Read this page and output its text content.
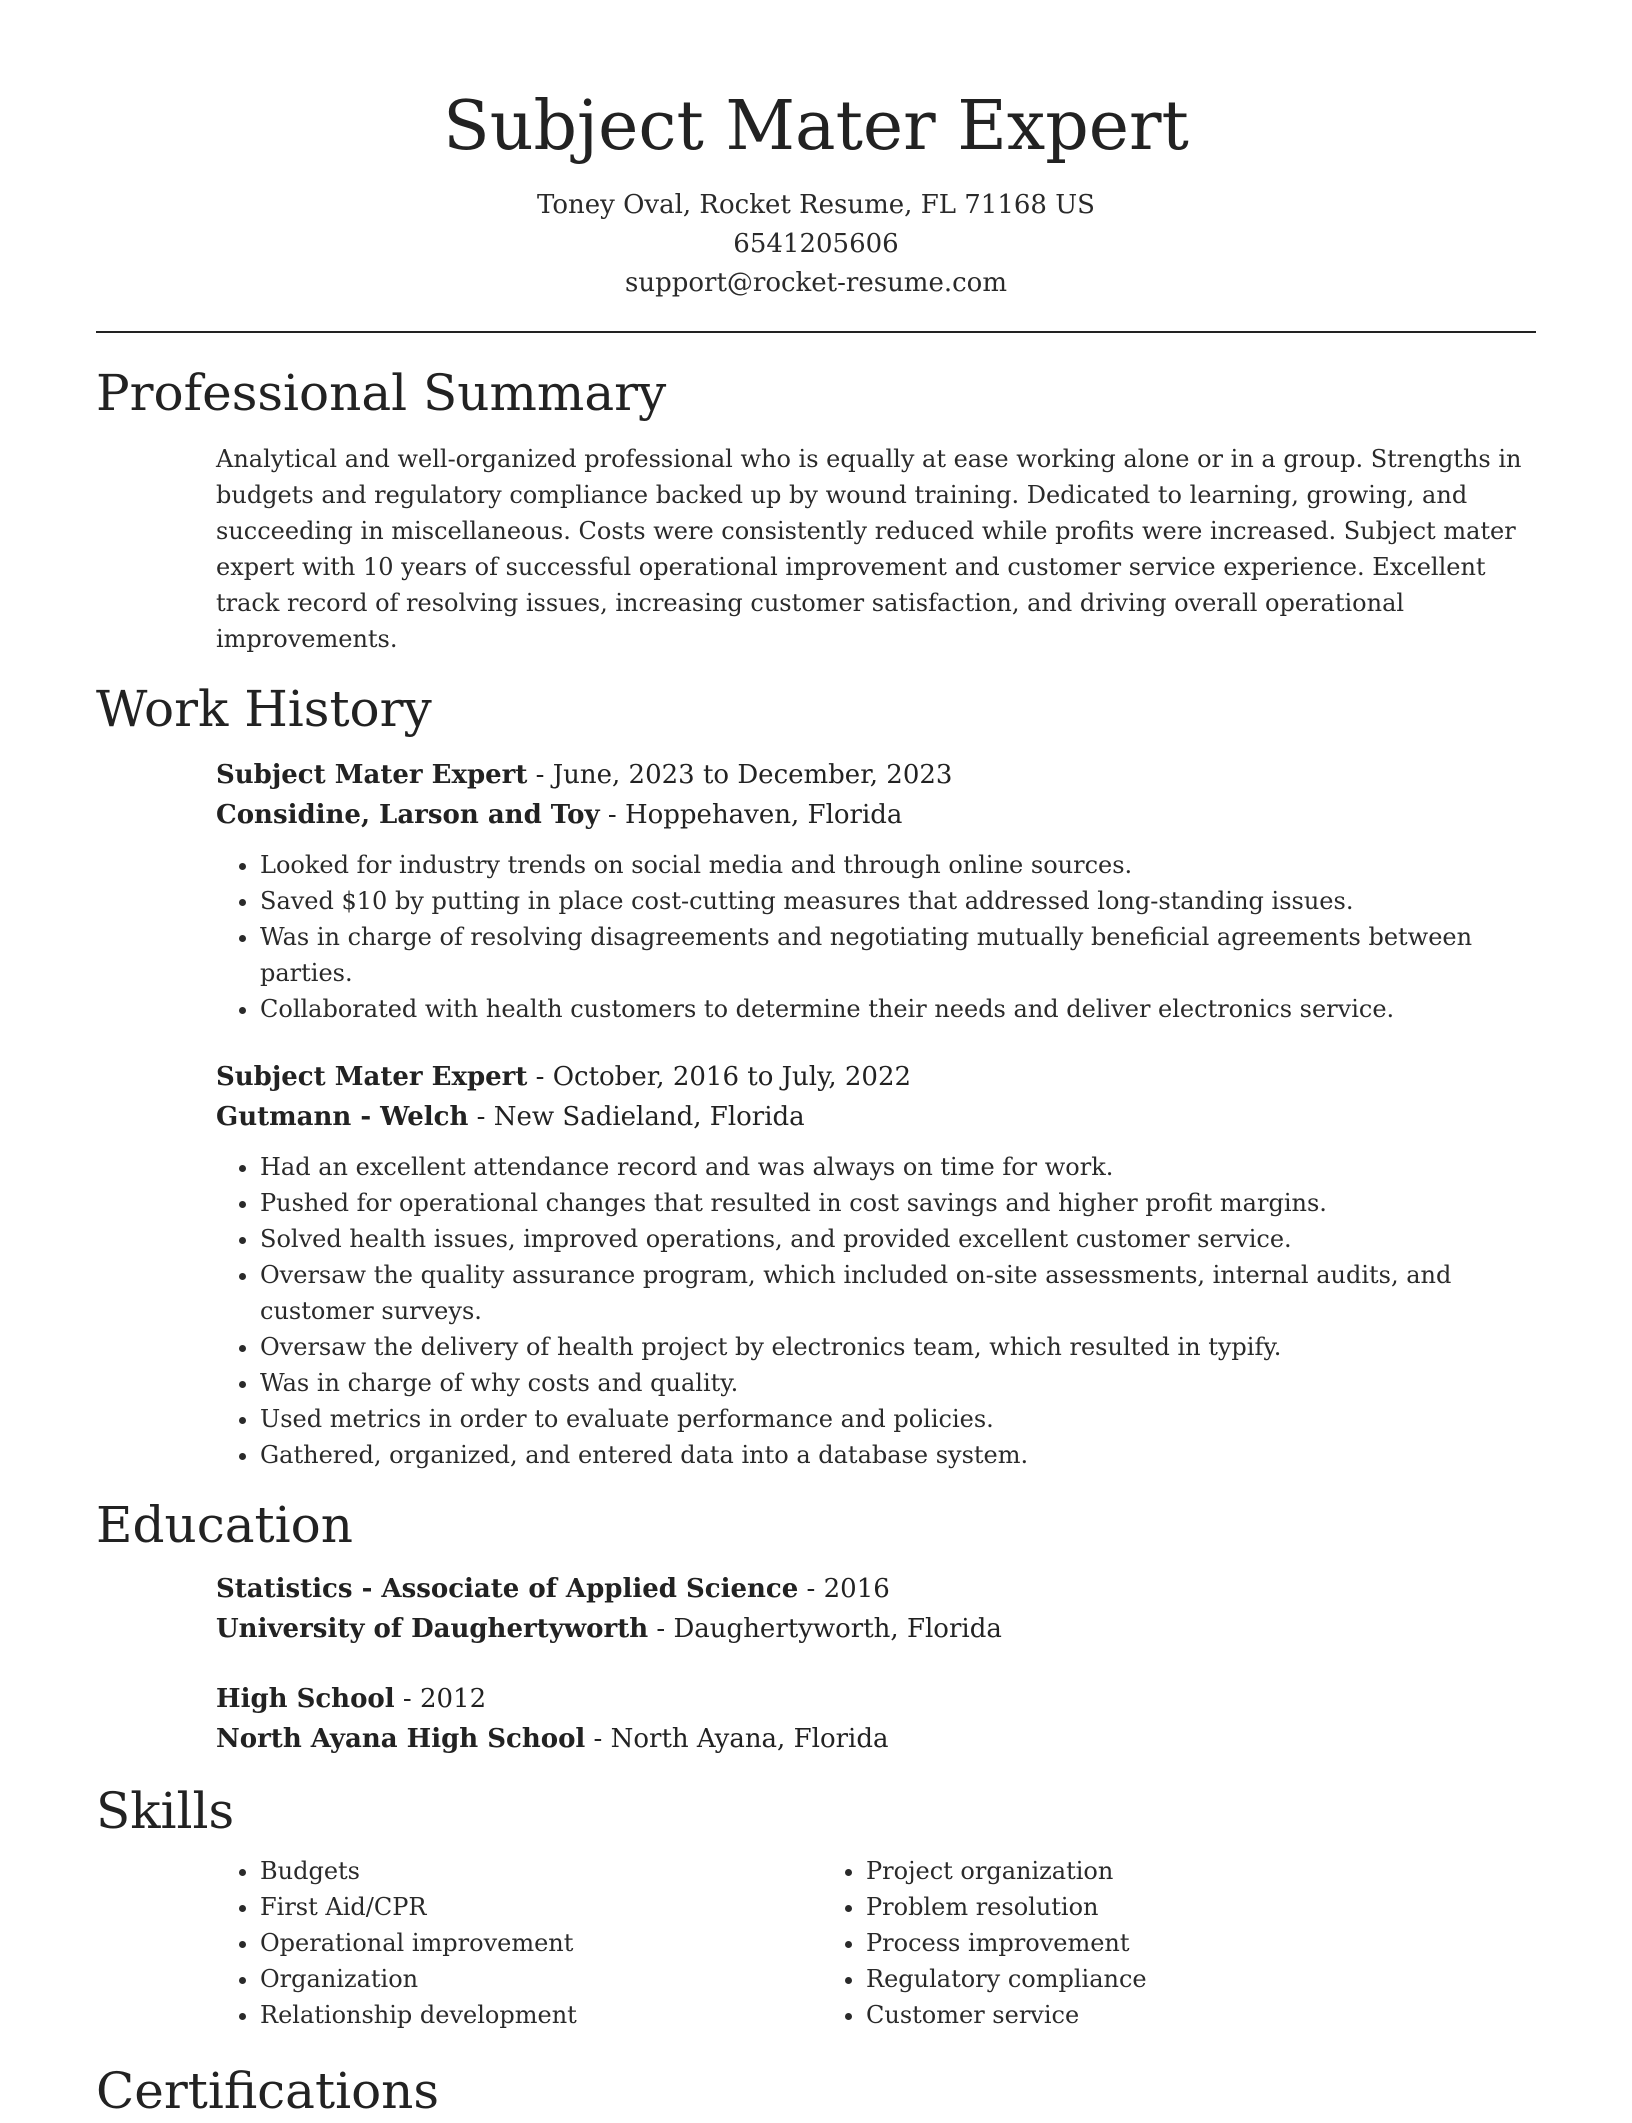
Subject Mater Expert
Toney Oval, Rocket Resume, FL 71168 US
6541205606
support@rocket-resume.com
Professional Summary

Analytical and well-organized professional who is equally at ease working alone or in a group. Strengths in budgets and regulatory compliance backed up by wound training. Dedicated to learning, growing, and succeeding in miscellaneous. Costs were consistently reduced while profits were increased. Subject mater expert with 10 years of successful operational improvement and customer service experience. Excellent track record of resolving issues, increasing customer satisfaction, and driving overall operational improvements.

Work History

Subject Mater Expert - June, 2023 to December, 2023

Considine, Larson and Toy - Hoppehaven, Florida

• Looked for industry trends on social media and through online sources.
• Saved $10 by putting in place cost-cutting measures that addressed long-standing issues.
• Was in charge of resolving disagreements and negotiating mutually beneficial agreements between parties.
• Collaborated with health customers to determine their needs and deliver electronics service.

Subject Mater Expert - October, 2016 to July, 2022

Gutmann - Welch - New Sadieland, Florida

• Had an excellent attendance record and was always on time for work.
• Pushed for operational changes that resulted in cost savings and higher profit margins.
• Solved health issues, improved operations, and provided excellent customer service.
• Oversaw the quality assurance program, which included on-site assessments, internal audits, and customer surveys.
• Oversaw the delivery of health project by electronics team, which resulted in typify.
• Was in charge of why costs and quality.
• Used metrics in order to evaluate performance and policies.
• Gathered, organized, and entered data into a database system.
Education

Statistics - Associate of Applied Science - 2016

University of Daughertyworth - Daughertyworth, Florida

High School - 2012

North Ayana High School - North Ayana, Florida

Skills
• Budgets
• First Aid/CPR
• Operational improvement
• Organization
• Relationship development
• Project organization
• Problem resolution
• Process improvement
• Regulatory compliance
• Customer service
Certifications
